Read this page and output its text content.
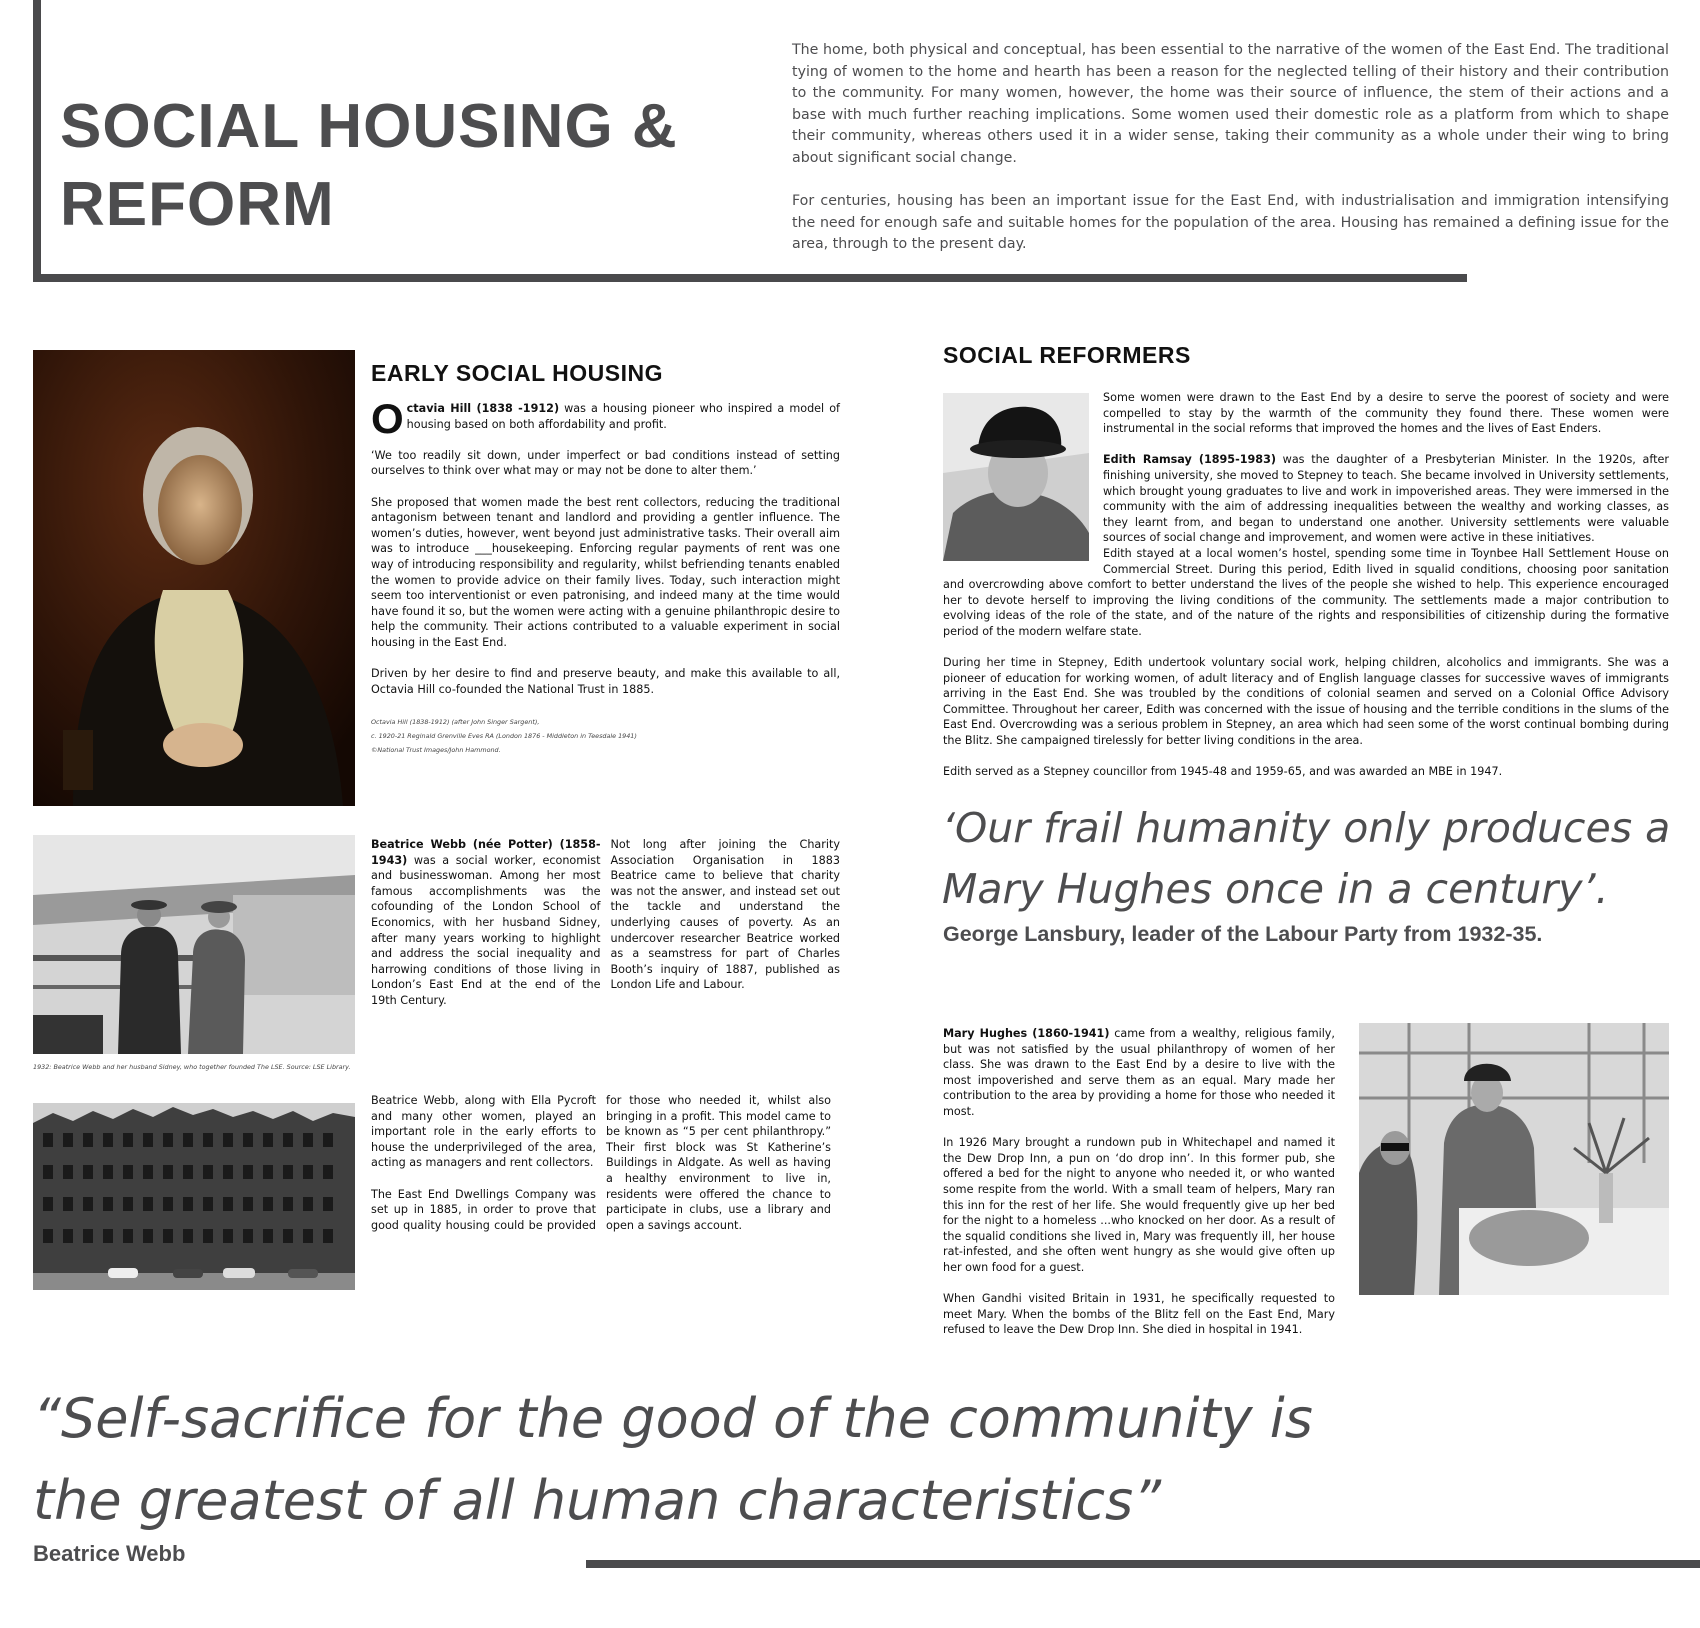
SOCIAL HOUSING &
REFORM

The home, both physical and conceptual, has been essential to the narrative of the women of the East End. The traditional tying of women to the home and hearth has been a reason for the neglected telling of their history and their contribution to the community. For many women, however, the home was their source of influence, the stem of their actions and a base with much further reaching implications. Some women used their domestic role as a platform from which to shape their community, whereas others used it in a wider sense, taking their community as a whole under their wing to bring about significant social change.

For centuries, housing has been an important issue for the East End, with industrialisation and immigration intensifying the need for enough safe and suitable homes for the population of the area. Housing has remained a defining issue for the area, through to the present day.

Octavia Hill (1838-1912) (after John Singer Sargent),
c. 1920-21 Reginald Grenville Eves RA (London 1876 - Middleton in Teesdale 1941)
©National Trust Images/John Hammond.
EARLY SOCIAL HOUSING

Octavia Hill (1838 -1912) was a housing pioneer who inspired a model of housing based on both affordability and profit.

‘We too readily sit down, under imperfect or bad conditions instead of setting ourselves to think over what may or may not be done to alter them.’

She proposed that women made the best rent collectors, reducing the traditional antagonism between tenant and landlord and providing a gentler influence. The women’s duties, however, went beyond just administrative tasks. Their overall aim was to introduce ___housekeeping. Enforcing regular payments of rent was one way of introducing responsibility and regularity, whilst befriending tenants enabled the women to provide advice on their family lives. Today, such interaction might seem too interventionist or even patronising, and indeed many at the time would have found it so, but the women were acting with a genuine philanthropic desire to help the community. Their actions contributed to a valuable experiment in social housing in the East End.

Driven by her desire to find and preserve beauty, and make this available to all, Octavia Hill co-founded the National Trust in 1885.

1932: Beatrice Webb and her husband Sidney, who together founded The LSE. Source: LSE Library.

Beatrice Webb (née Potter) (1858-1943) was a social worker, economist and businesswoman. Among her most famous accomplishments was the cofounding of the London School of Economics, with her husband Sidney, after many years working to highlight and address the social inequality and harrowing conditions of those living in London’s East End at the end of the 19th Century.

Not long after joining the Charity Association Organisation in 1883 Beatrice came to believe that charity was not the answer, and instead set out the tackle and understand the underlying causes of poverty. As an undercover researcher Beatrice worked as a seamstress for part of Charles Booth’s inquiry of 1887, published as London Life and Labour.

Beatrice Webb, along with Ella Pycroft and many other women, played an important role in the early efforts to house the underprivileged of the area, acting as managers and rent collectors.

The East End Dwellings Company was set up in 1885, in order to prove that good quality housing could be provided for those who needed it, whilst also bringing in a profit. This model came to be known as “5 per cent philanthropy.” Their first block was St Katherine’s Buildings in Aldgate. As well as having a healthy environment to live in, residents were offered the chance to participate in clubs, use a library and open a savings account.

SOCIAL REFORMERS

Some women were drawn to the East End by a desire to serve the poorest of society and were compelled to stay by the warmth of the community they found there. These women were instrumental in the social reforms that improved the homes and the lives of East Enders.

Edith Ramsay (1895-1983) was the daughter of a Presbyterian Minister. In the 1920s, after finishing university, she moved to Stepney to teach. She became involved in University settlements, which brought young graduates to live and work in impoverished areas. They were immersed in the community with the aim of addressing inequalities between the wealthy and working classes, as they learnt from, and began to understand one another. University settlements were valuable sources of social change and improvement, and women were active in these initiatives.

Edith stayed at a local women’s hostel, spending some time in Toynbee Hall Settlement House on Commercial Street. During this period, Edith lived in squalid conditions, choosing poor sanitation and overcrowding above comfort to better understand the lives of the people she wished to help. This experience encouraged her to devote herself to improving the living conditions of the community. The settlements made a major contribution to evolving ideas of the role of the state, and of the nature of the rights and responsibilities of citizenship during the formative period of the modern welfare state.

During her time in Stepney, Edith undertook voluntary social work, helping children, alcoholics and immigrants. She was a pioneer of education for working women, of adult literacy and of English language classes for successive waves of immigrants arriving in the East End. She was troubled by the conditions of colonial seamen and served on a Colonial Office Advisory Committee. Throughout her career, Edith was concerned with the issue of housing and the terrible conditions in the slums of the East End. Overcrowding was a serious problem in Stepney, an area which had seen some of the worst continual bombing during the Blitz. She campaigned tirelessly for better living conditions in the area.

Edith served as a Stepney councillor from 1945-48 and 1959-65, and was awarded an MBE in 1947.

‘Our frail humanity only produces a Mary Hughes once in a century’.
George Lansbury, leader of the Labour Party from 1932-35.

Mary Hughes (1860-1941) came from a wealthy, religious family, but was not satisfied by the usual philanthropy of women of her class. She was drawn to the East End by a desire to live with the most impoverished and serve them as an equal. Mary made her contribution to the area by providing a home for those who needed it most.

In 1926 Mary brought a rundown pub in Whitechapel and named it the Dew Drop Inn, a pun on ‘do drop inn’. In this former pub, she offered a bed for the night to anyone who needed it, or who wanted some respite from the world. With a small team of helpers, Mary ran this inn for the rest of her life. She would frequently give up her bed for the night to a homeless ...who knocked on her door. As a result of the squalid conditions she lived in, Mary was frequently ill, her house rat-infested, and she often went hungry as she would give often up her own food for a guest.

When Gandhi visited Britain in 1931, he specifically requested to meet Mary. When the bombs of the Blitz fell on the East End, Mary refused to leave the Dew Drop Inn. She died in hospital in 1941.

“Self-sacrifice for the good of the community is
the greatest of all human characteristics”
Beatrice Webb
